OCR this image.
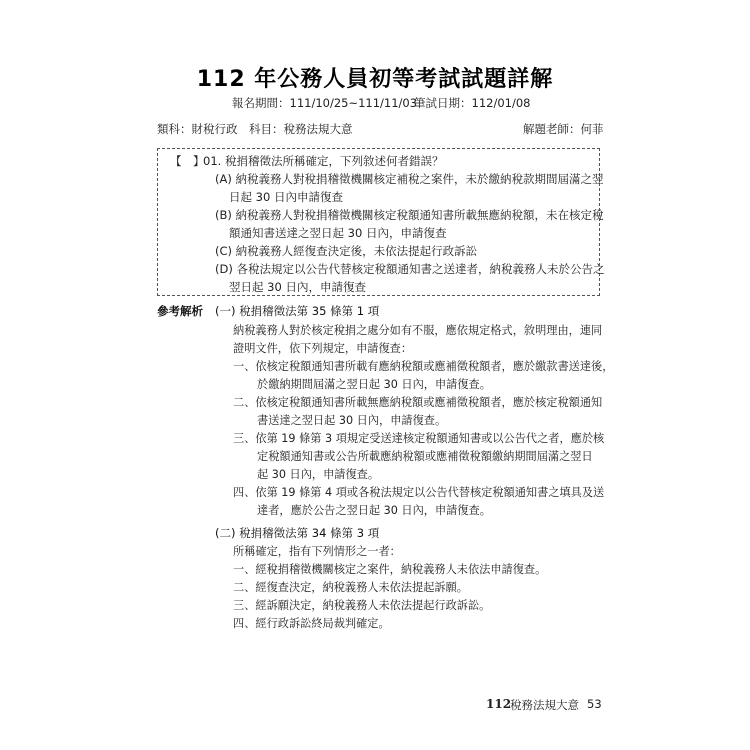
112 年公務人員初等考試試題詳解
報名期間：111/10/25~111/11/03
筆試日期：112/01/08
類科：財稅行政　科目：稅務法規大意	解題老師：何菲
【　】
01. 稅捐稽徵法所稱確定，下列敘述何者錯誤？
(A) 納稅義務人對稅捐稽徵機關核定補稅之案件，未於繳納稅款期間屆滿之翌
日起 30 日內申請復查
(B) 納稅義務人對稅捐稽徵機關核定稅額通知書所載無應納稅額，未在核定稅
額通知書送達之翌日起 30 日內，申請復查
(C) 納稅義務人經復查決定後，未依法提起行政訴訟
(D) 各稅法規定以公告代替核定稅額通知書之送達者，納稅義務人未於公告之
翌日起 30 日內，申請復查
參考解析 (一) 稅捐稽徵法第 35 條第 1 項
納稅義務人對於核定稅捐之處分如有不服，應依規定格式，敘明理由，連同
證明文件，依下列規定，申請復查：
一、依核定稅額通知書所載有應納稅額或應補徵稅額者，應於繳款書送達後，
於繳納期間屆滿之翌日起 30 日內，申請復查。
二、依核定稅額通知書所載無應納稅額或應補徵稅額者，應於核定稅額通知
書送達之翌日起 30 日內，申請復查。
三、依第 19 條第 3 項規定受送達核定稅額通知書或以公告代之者，應於核
定稅額通知書或公告所載應納稅額或應補徵稅額繳納期間屆滿之翌日
起 30 日內，申請復查。
四、依第 19 條第 4 項或各稅法規定以公告代替核定稅額通知書之填具及送
達者，應於公告之翌日起 30 日內，申請復查。
(二) 稅捐稽徵法第 34 條第 3 項
所稱確定，指有下列情形之一者：
一、經稅捐稽徵機關核定之案件，納稅義務人未依法申請復查。
二、經復查決定，納稅義務人未依法提起訴願。
三、經訴願決定，納稅義務人未依法提起行政訴訟。
四、經行政訴訟終局裁判確定。
112
稅務法規大意 53
